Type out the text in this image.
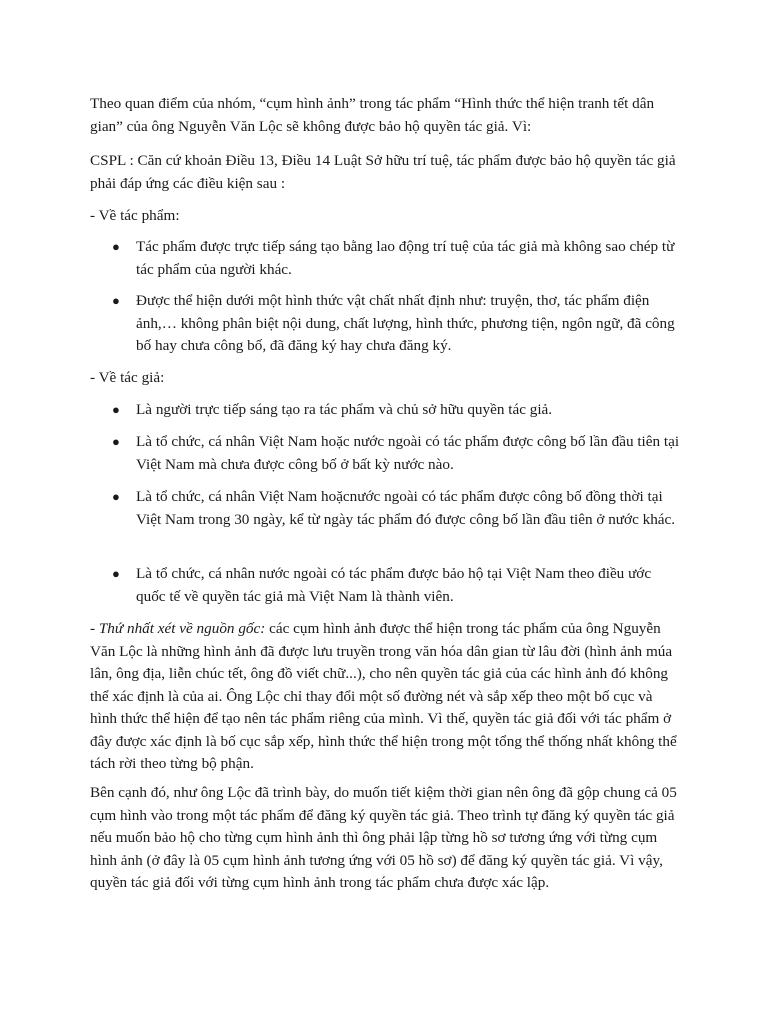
Theo quan điểm của nhóm, “cụm hình ảnh” trong tác phẩm “Hình thức thể hiện tranh tết dân gian” của ông Nguyễn Văn Lộc sẽ không được bảo hộ quyền tác giả. Vì:

CSPL : Căn cứ khoản Điều 13, Điều 14 Luật Sở hữu trí tuệ, tác phẩm được bảo hộ quyền tác giả phải đáp ứng các điều kiện sau :

- Về tác phẩm:

● Tác phẩm được trực tiếp sáng tạo bằng lao động trí tuệ của tác giả mà không sao chép từ tác phẩm của người khác.
● Được thể hiện dưới một hình thức vật chất nhất định như: truyện, thơ, tác phẩm điện ảnh,… không phân biệt nội dung, chất lượng, hình thức, phương tiện, ngôn ngữ, đã công bố hay chưa công bố, đã đăng ký hay chưa đăng ký.

- Về tác giả:

● Là người trực tiếp sáng tạo ra tác phẩm và chủ sở hữu quyền tác giả.
● Là tổ chức, cá nhân Việt Nam hoặc nước ngoài có tác phẩm được công bố lần đầu tiên tại Việt Nam mà chưa được công bố ở bất kỳ nước nào.
● Là tổ chức, cá nhân Việt Nam hoặcnước ngoài có tác phẩm được công bố đồng thời tại Việt Nam trong 30 ngày, kể từ ngày tác phẩm đó được công bố lần đầu tiên ở nước khác.
● Là tổ chức, cá nhân nước ngoài có tác phẩm được bảo hộ tại Việt Nam theo điều ước quốc tế về quyền tác giả mà Việt Nam là thành viên.

- Thứ nhất xét về nguồn gốc: các cụm hình ảnh được thể hiện trong tác phẩm của ông Nguyễn Văn Lộc là những hình ảnh đã được lưu truyền trong văn hóa dân gian từ lâu đời (hình ảnh múa lân, ông địa, liễn chúc tết, ông đồ viết chữ...), cho nên quyền tác giả của các hình ảnh đó không thể xác định là của ai. Ông Lộc chỉ thay đổi một số đường nét và sắp xếp theo một bố cục và hình thức thể hiện để tạo nên tác phẩm riêng của mình. Vì thế, quyền tác giả đối với tác phẩm ở đây được xác định là bố cục sắp xếp, hình thức thể hiện trong một tổng thể thống nhất không thể tách rời theo từng bộ phận.

Bên cạnh đó, như ông Lộc đã trình bày, do muốn tiết kiệm thời gian nên ông đã gộp chung cả 05 cụm hình vào trong một tác phẩm để đăng ký quyền tác giả. Theo trình tự đăng ký quyền tác giả nếu muốn bảo hộ cho từng cụm hình ảnh thì ông phải lập từng hồ sơ tương ứng với từng cụm hình ảnh (ở đây là 05 cụm hình ảnh tương ứng với 05 hồ sơ) để đăng ký quyền tác giả. Vì vậy, quyền tác giả đối với từng cụm hình ảnh trong tác phẩm chưa được xác lập.
